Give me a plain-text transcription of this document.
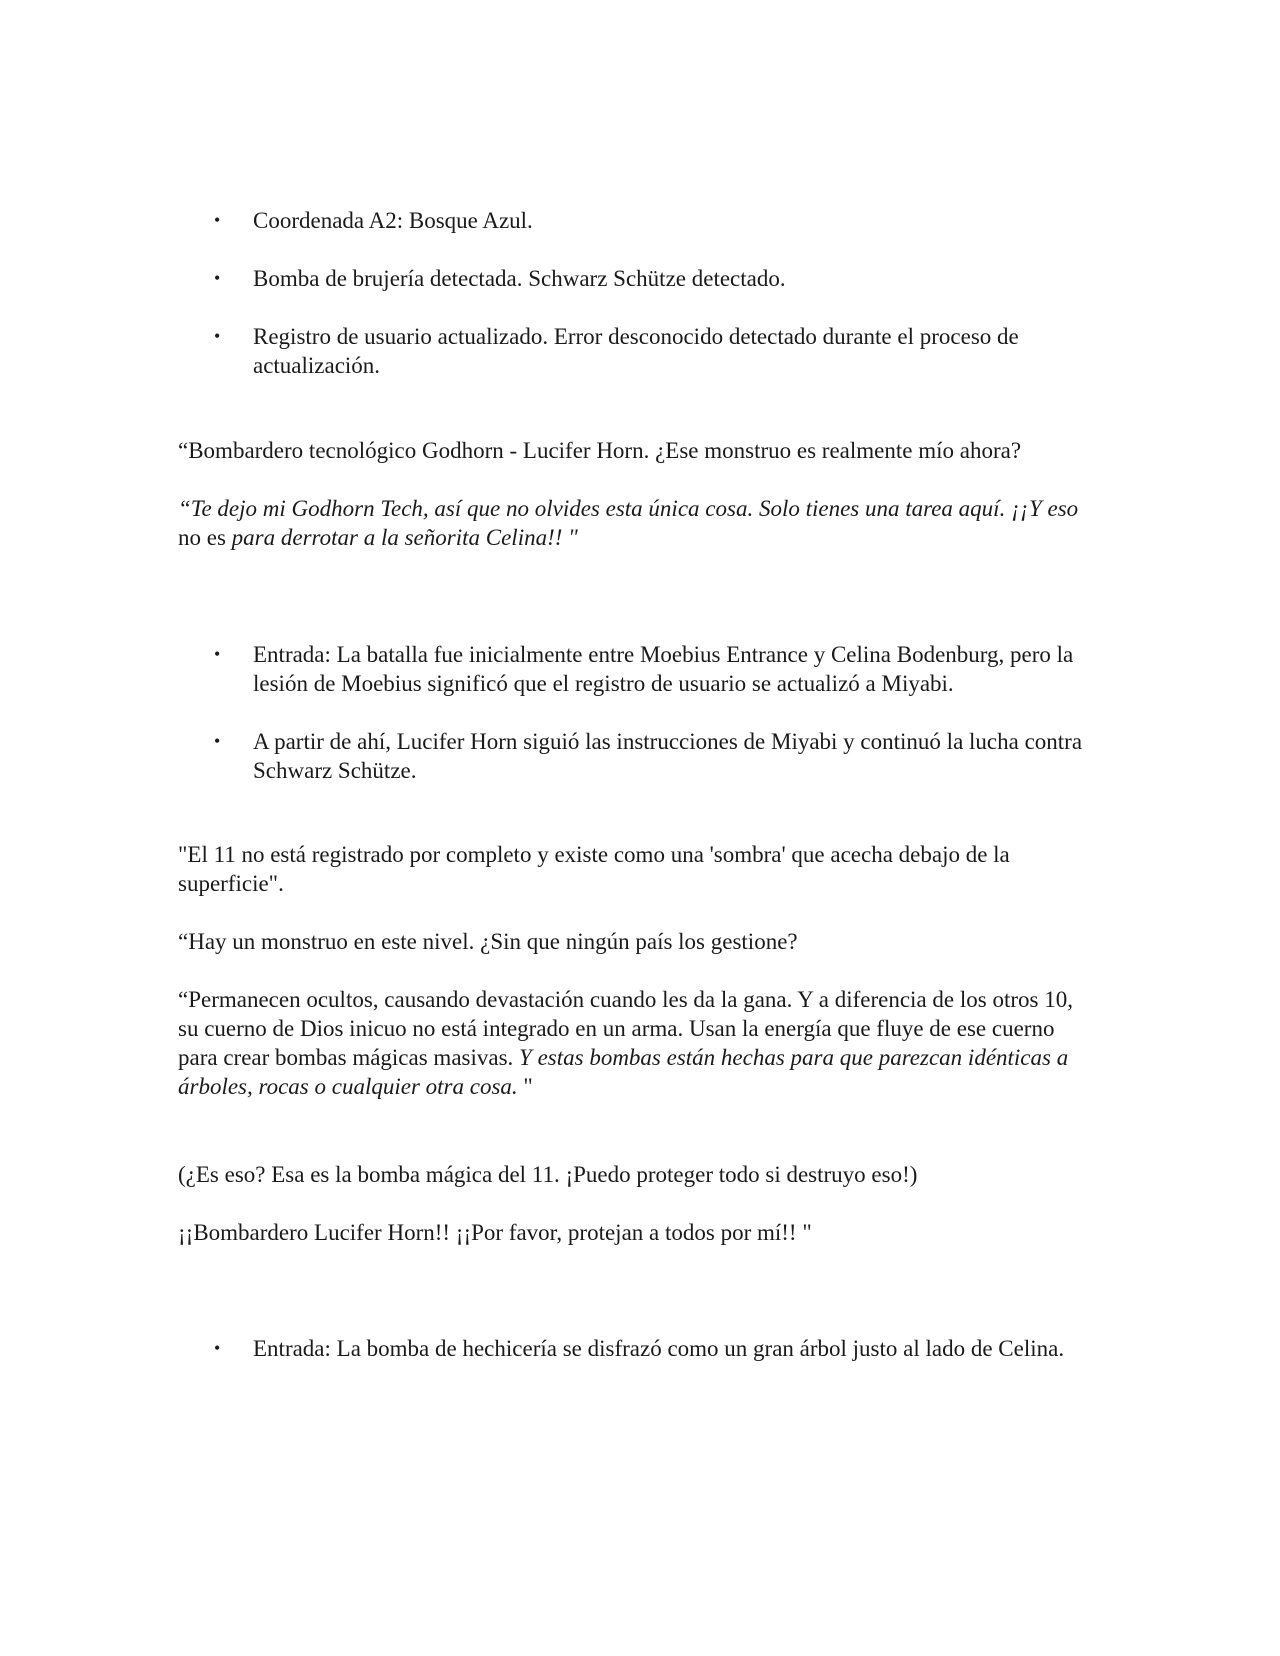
• Coordenada A2: Bosque Azul.
• Bomba de brujería detectada. Schwarz Schütze detectado.
• Registro de usuario actualizado. Error desconocido detectado durante el proceso de actualización.

“Bombardero tecnológico Godhorn - Lucifer Horn. ¿Ese monstruo es realmente mío ahora?

“Te dejo mi Godhorn Tech, así que no olvides esta única cosa. Solo tienes una tarea aquí. ¡¡Y eso no es para derrotar a la señorita Celina!! "

• Entrada: La batalla fue inicialmente entre Moebius Entrance y Celina Bodenburg, pero la lesión de Moebius significó que el registro de usuario se actualizó a Miyabi.
• A partir de ahí, Lucifer Horn siguió las instrucciones de Miyabi y continuó la lucha contra Schwarz Schütze.

"El 11 no está registrado por completo y existe como una 'sombra' que acecha debajo de la superficie".

“Hay un monstruo en este nivel. ¿Sin que ningún país los gestione?

“Permanecen ocultos, causando devastación cuando les da la gana. Y a diferencia de los otros 10, su cuerno de Dios inicuo no está integrado en un arma. Usan la energía que fluye de ese cuerno para crear bombas mágicas masivas. Y estas bombas están hechas para que parezcan idénticas a árboles, rocas o cualquier otra cosa. "

(¿Es eso? Esa es la bomba mágica del 11. ¡Puedo proteger todo si destruyo eso!)

¡¡Bombardero Lucifer Horn!! ¡¡Por favor, protejan a todos por mí!! "

• Entrada: La bomba de hechicería se disfrazó como un gran árbol justo al lado de Celina.
